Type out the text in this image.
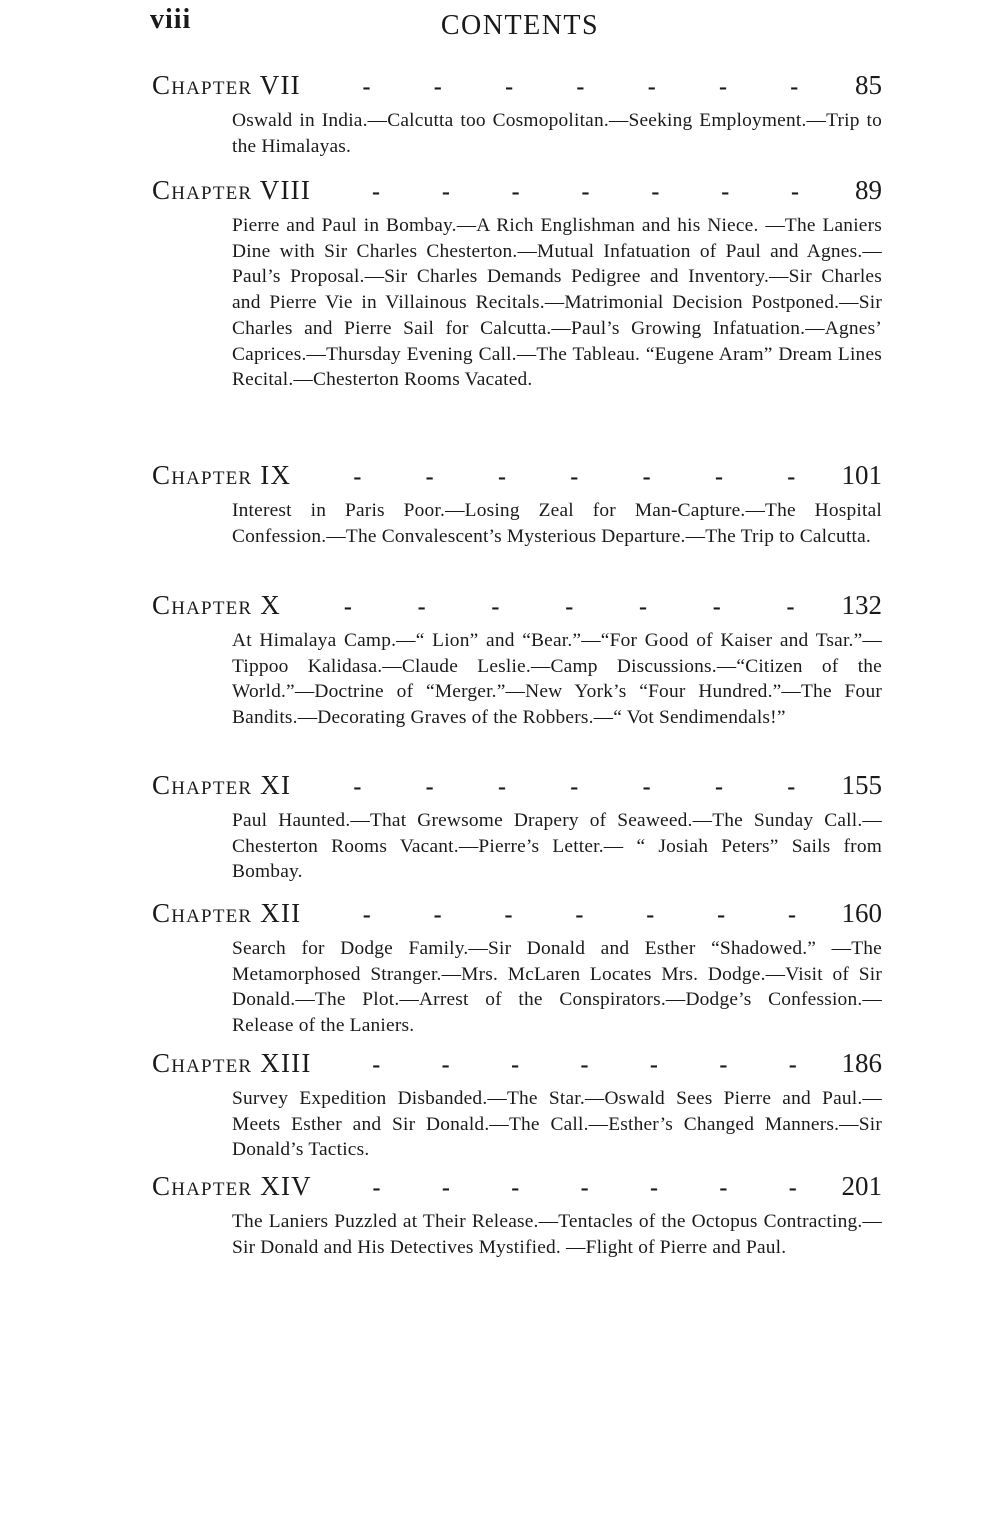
viii	CONTENTS
Chapter VII	-	-	-	-	-	-	-	85
Oswald in India.—Calcutta too Cosmopolitan.—Seeking Employment.—Trip to the Himalayas.
Chapter VIII	-	-	-	-	-	-	-	89
Pierre and Paul in Bombay.—A Rich Englishman and his Niece. —The Laniers Dine with Sir Charles Chesterton.—Mutual Infatuation of Paul and Agnes.—Paul’s Proposal.—Sir Charles Demands Pedigree and Inventory.—Sir Charles and Pierre Vie in Villainous Recitals.—Matrimonial Decision Postponed.—Sir Charles and Pierre Sail for Calcutta.—Paul’s Growing Infatuation.—Agnes’ Caprices.—Thursday Evening Call.—The Tableau. “Eugene Aram” Dream Lines Recital.—Chesterton Rooms Vacated.
Chapter IX	-	-	-	-	-	-	- 101
Interest in Paris Poor.—Losing Zeal for Man-Capture.—The Hospital Confession.—The Convalescent’s Mysterious Departure.—The Trip to Calcutta.
Chapter X	-	-	-	-	-	-	- 132
At Himalaya Camp.—“ Lion” and “Bear.”—“For Good of Kaiser and Tsar.”—Tippoo Kalidasa.—Claude Leslie.—Camp Discussions.—“Citizen of the World.”—Doctrine of “Merger.”—New York’s “Four Hundred.”—The Four Bandits.—Decorating Graves of the Robbers.—“ Vot Sendimendals!”
Chapter XI	-	-	-	-	-	-	- 155
Paul Haunted.—That Grewsome Drapery of Seaweed.—The Sunday Call.—Chesterton Rooms Vacant.—Pierre’s Letter.— “ Josiah Peters” Sails from Bombay.
Chapter XII	-	-	-	-	-	-	- 160
Search for Dodge Family.—Sir Donald and Esther “Shadowed.” —The Metamorphosed Stranger.—Mrs. McLaren Locates Mrs. Dodge.—Visit of Sir Donald.—The Plot.—Arrest of the Conspirators.—Dodge’s Confession.—Release of the Laniers.
Chapter XIII	-	-	-	-	-	-	- 186
Survey Expedition Disbanded.—The Star.—Oswald Sees Pierre and Paul.—Meets Esther and Sir Donald.—The Call.—Esther’s Changed Manners.—Sir Donald’s Tactics.
Chapter XIV	-	-	-	-	-	-	- 201
The Laniers Puzzled at Their Release.—Tentacles of the Octopus Contracting.—Sir Donald and His Detectives Mystified. —Flight of Pierre and Paul.
